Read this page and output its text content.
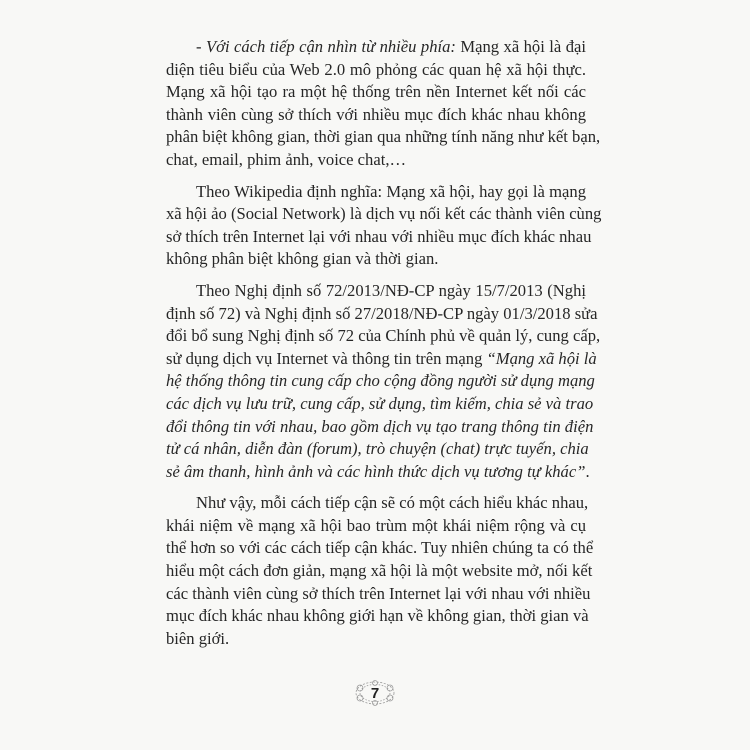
- Với cách tiếp cận nhìn từ nhiều phía: Mạng xã hội là đại
diện tiêu biểu của Web 2.0 mô phỏng các quan hệ xã hội thực.
Mạng xã hội tạo ra một hệ thống trên nền Internet kết nối các
thành viên cùng sở thích với nhiều mục đích khác nhau không
phân biệt không gian, thời gian qua những tính năng như kết bạn,
chat, email, phim ảnh, voice chat,…
Theo Wikipedia định nghĩa: Mạng xã hội, hay gọi là mạng
xã hội ảo (Social Network) là dịch vụ nối kết các thành viên cùng
sở thích trên Internet lại với nhau với nhiều mục đích khác nhau
không phân biệt không gian và thời gian.
Theo Nghị định số 72/2013/NĐ-CP ngày 15/7/2013 (Nghị
định số 72) và Nghị định số 27/2018/NĐ-CP ngày 01/3/2018 sửa
đổi bổ sung Nghị định số 72 của Chính phủ về quản lý, cung cấp,
sử dụng dịch vụ Internet và thông tin trên mạng “Mạng xã hội là
hệ thống thông tin cung cấp cho cộng đồng người sử dụng mạng
các dịch vụ lưu trữ, cung cấp, sử dụng, tìm kiếm, chia sẻ và trao
đổi thông tin với nhau, bao gồm dịch vụ tạo trang thông tin điện
tử cá nhân, diễn đàn (forum), trò chuyện (chat) trực tuyến, chia
sẻ âm thanh, hình ảnh và các hình thức dịch vụ tương tự khác”.
Như vậy, mỗi cách tiếp cận sẽ có một cách hiểu khác nhau,
khái niệm về mạng xã hội bao trùm một khái niệm rộng và cụ
thể hơn so với các cách tiếp cận khác. Tuy nhiên chúng ta có thể
hiểu một cách đơn giản, mạng xã hội là một website mở, nối kết
các thành viên cùng sở thích trên Internet lại với nhau với nhiều
mục đích khác nhau không giới hạn về không gian, thời gian và
biên giới.
7
